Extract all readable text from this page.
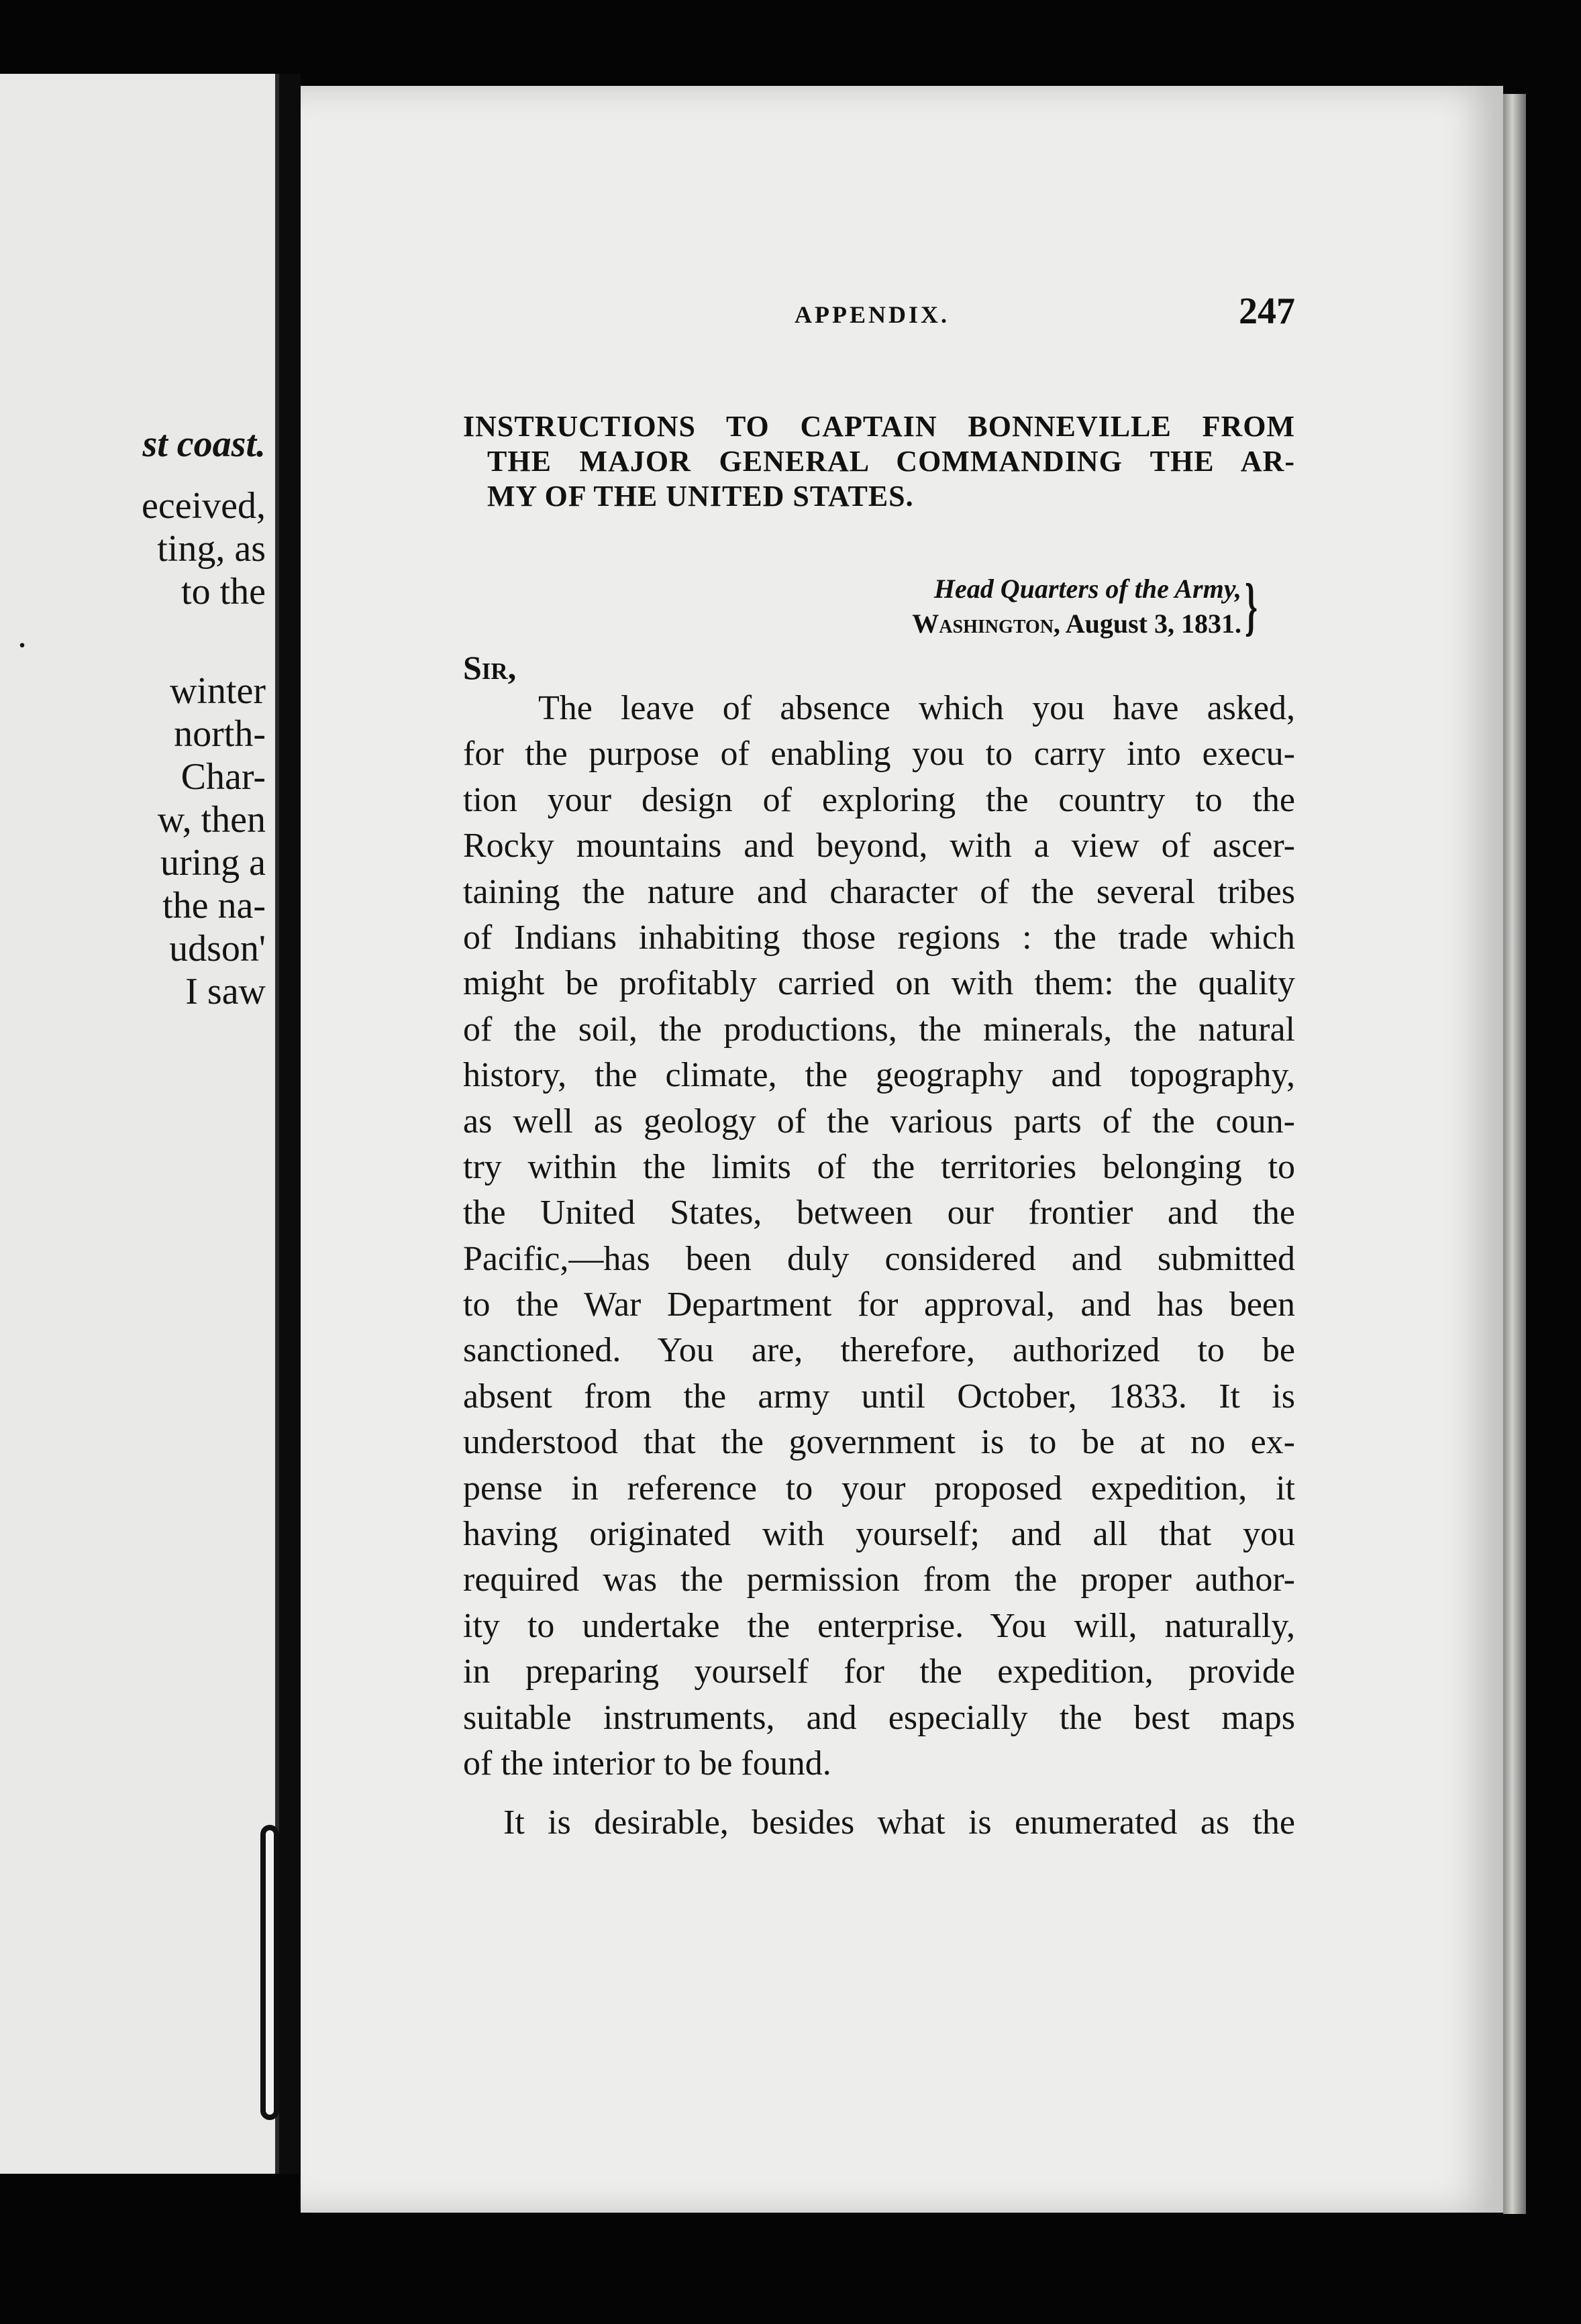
st coast.
eceived,
ting, as
to the
.
winter
north-
Char-
w, then
uring a
the na-
udson'
I saw
APPENDIX.	247
INSTRUCTIONS TO CAPTAIN BONNEVILLE FROM
THE MAJOR GENERAL COMMANDING THE AR-
MY OF THE UNITED STATES.
Head Quarters of the Army,
Washington, August 3, 1831. }
Sir,
The leave of absence which you have asked,
for the purpose of enabling you to carry into execu-
tion your design of exploring the country to the
Rocky mountains and beyond, with a view of ascer-
taining the nature and character of the several tribes
of Indians inhabiting those regions : the trade which
might be profitably carried on with them: the quality
of the soil, the productions, the minerals, the natural
history, the climate, the geography and topography,
as well as geology of the various parts of the coun-
try within the limits of the territories belonging to
the United States, between our frontier and the
Pacific,—has been duly considered and submitted
to the War Department for approval, and has been
sanctioned. You are, therefore, authorized to be
absent from the army until October, 1833. It is
understood that the government is to be at no ex-
pense in reference to your proposed expedition, it
having originated with yourself; and all that you
required was the permission from the proper author-
ity to undertake the enterprise. You will, naturally,
in preparing yourself for the expedition, provide
suitable instruments, and especially the best maps
of the interior to be found.
It is desirable, besides what is enumerated as the
